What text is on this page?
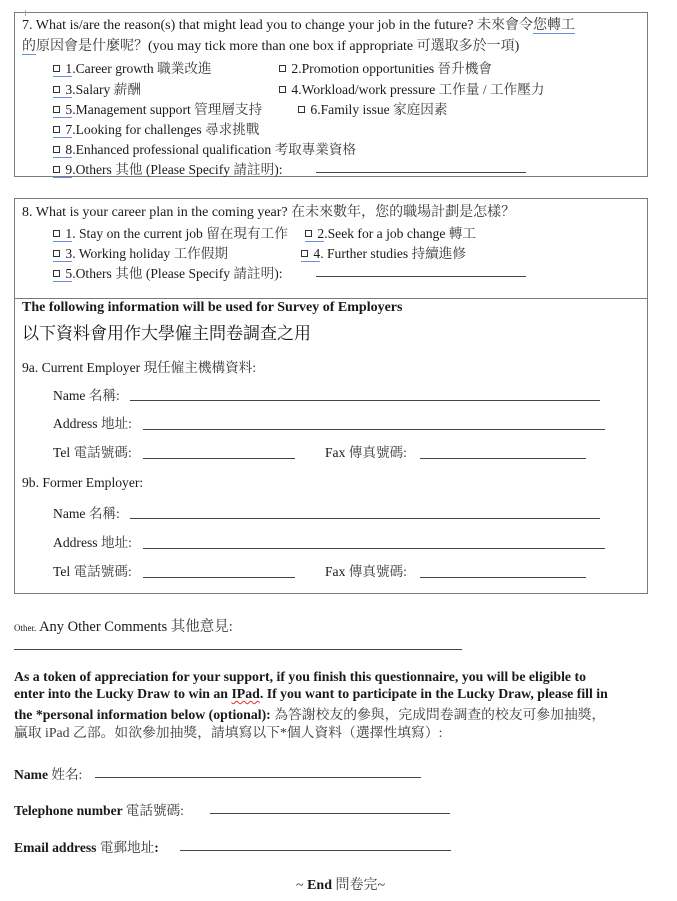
7. What is/are the reason(s) that might lead you to change your job in the future? 未來會令您轉工
的原因會是什麼呢？(you may tick more than one box if appropriate 可選取多於一項)
1.Career growth 職業改進	2.Promotion opportunities 晉升機會
3.Salary 薪酬	4.Workload/work pressure 工作量 / 工作壓力
5.Management support 管理層支持	6.Family issue 家庭因素
7.Looking for challenges 尋求挑戰
8.Enhanced professional qualification 考取專業資格
9.Others 其他 (Please Specify 請註明):
8. What is your career plan in the coming year? 在未來數年，您的職場計劃是怎樣？
1. Stay on the current job 留在現有工作	2.Seek for a job change 轉工
3. Working holiday 工作假期	4. Further studies 持續進修
5.Others 其他 (Please Specify 請註明):
The following information will be used for Survey of Employers
以下資料會用作大學僱主問卷調查之用
9a. Current Employer 現任僱主機構資料:
Name 名稱:
Address 地址:
Tel 電話號碼:	Fax 傳真號碼:
9b. Former Employer:
Name 名稱:
Address 地址:
Tel 電話號碼:	Fax 傳真號碼:
Other. Any Other Comments 其他意見:
As a token of appreciation for your support, if you finish this questionnaire, you will be eligible to
enter into the Lucky Draw to win an IPad. If you want to participate in the Lucky Draw, please fill in
the *personal information below (optional): 為答謝校友的參與，完成問卷調查的校友可參加抽獎，
贏取 iPad 乙部。如欲參加抽獎，請填寫以下*個人資料（選擇性填寫）:
Name 姓名:
Telephone number 電話號碼:
Email address 電郵地址:
~ End 問卷完~
